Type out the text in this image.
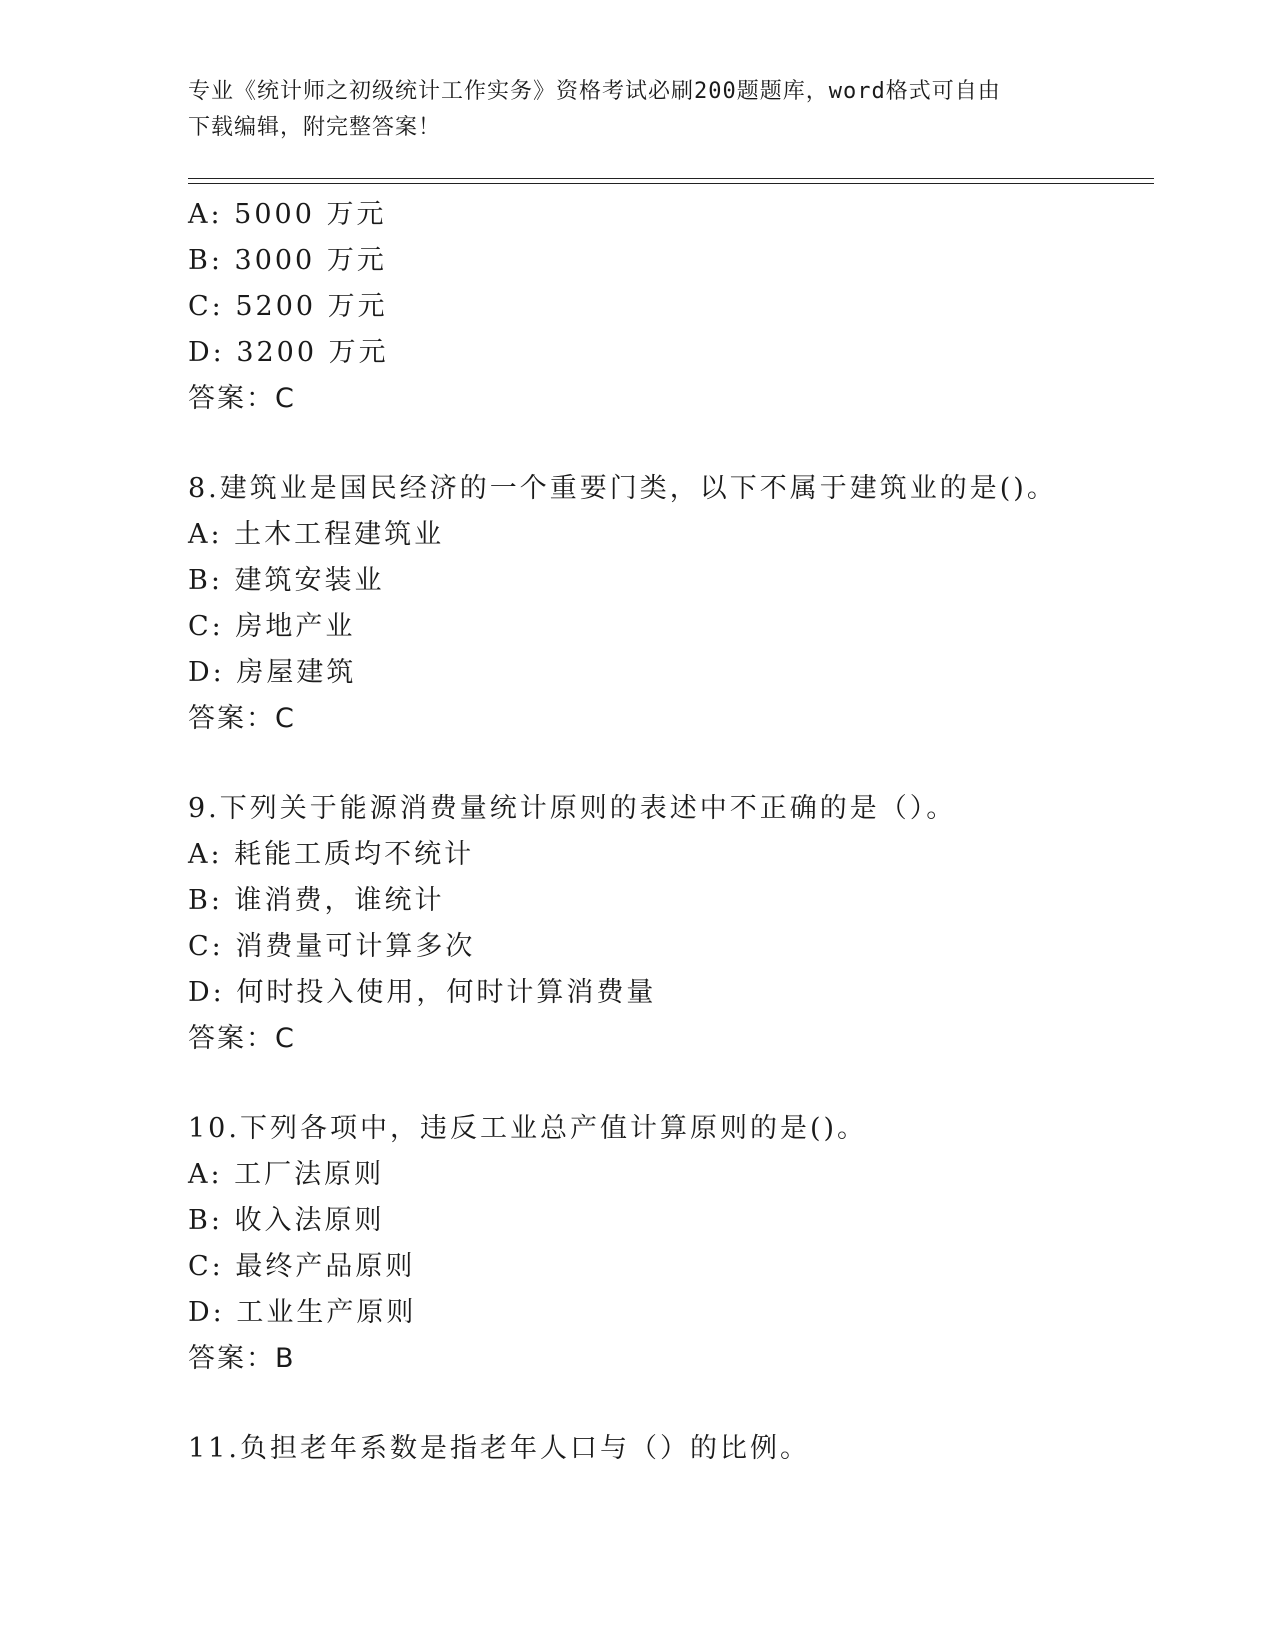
专业《统计师之初级统计工作实务》资格考试必刷200题题库，word格式可自由
下载编辑，附完整答案！
A: 5000 万元
B: 3000 万元
C: 5200 万元
D: 3200 万元
答案：C
8.建筑业是国民经济的一个重要门类，以下不属于建筑业的是()。
A: 土木工程建筑业
B: 建筑安装业
C: 房地产业
D: 房屋建筑
答案：C
9.下列关于能源消费量统计原则的表述中不正确的是（）。
A: 耗能工质均不统计
B: 谁消费，谁统计
C: 消费量可计算多次
D: 何时投入使用，何时计算消费量
答案：C
10.下列各项中，违反工业总产值计算原则的是()。
A: 工厂法原则
B: 收入法原则
C: 最终产品原则
D: 工业生产原则
答案：B
11.负担老年系数是指老年人口与（）的比例。
